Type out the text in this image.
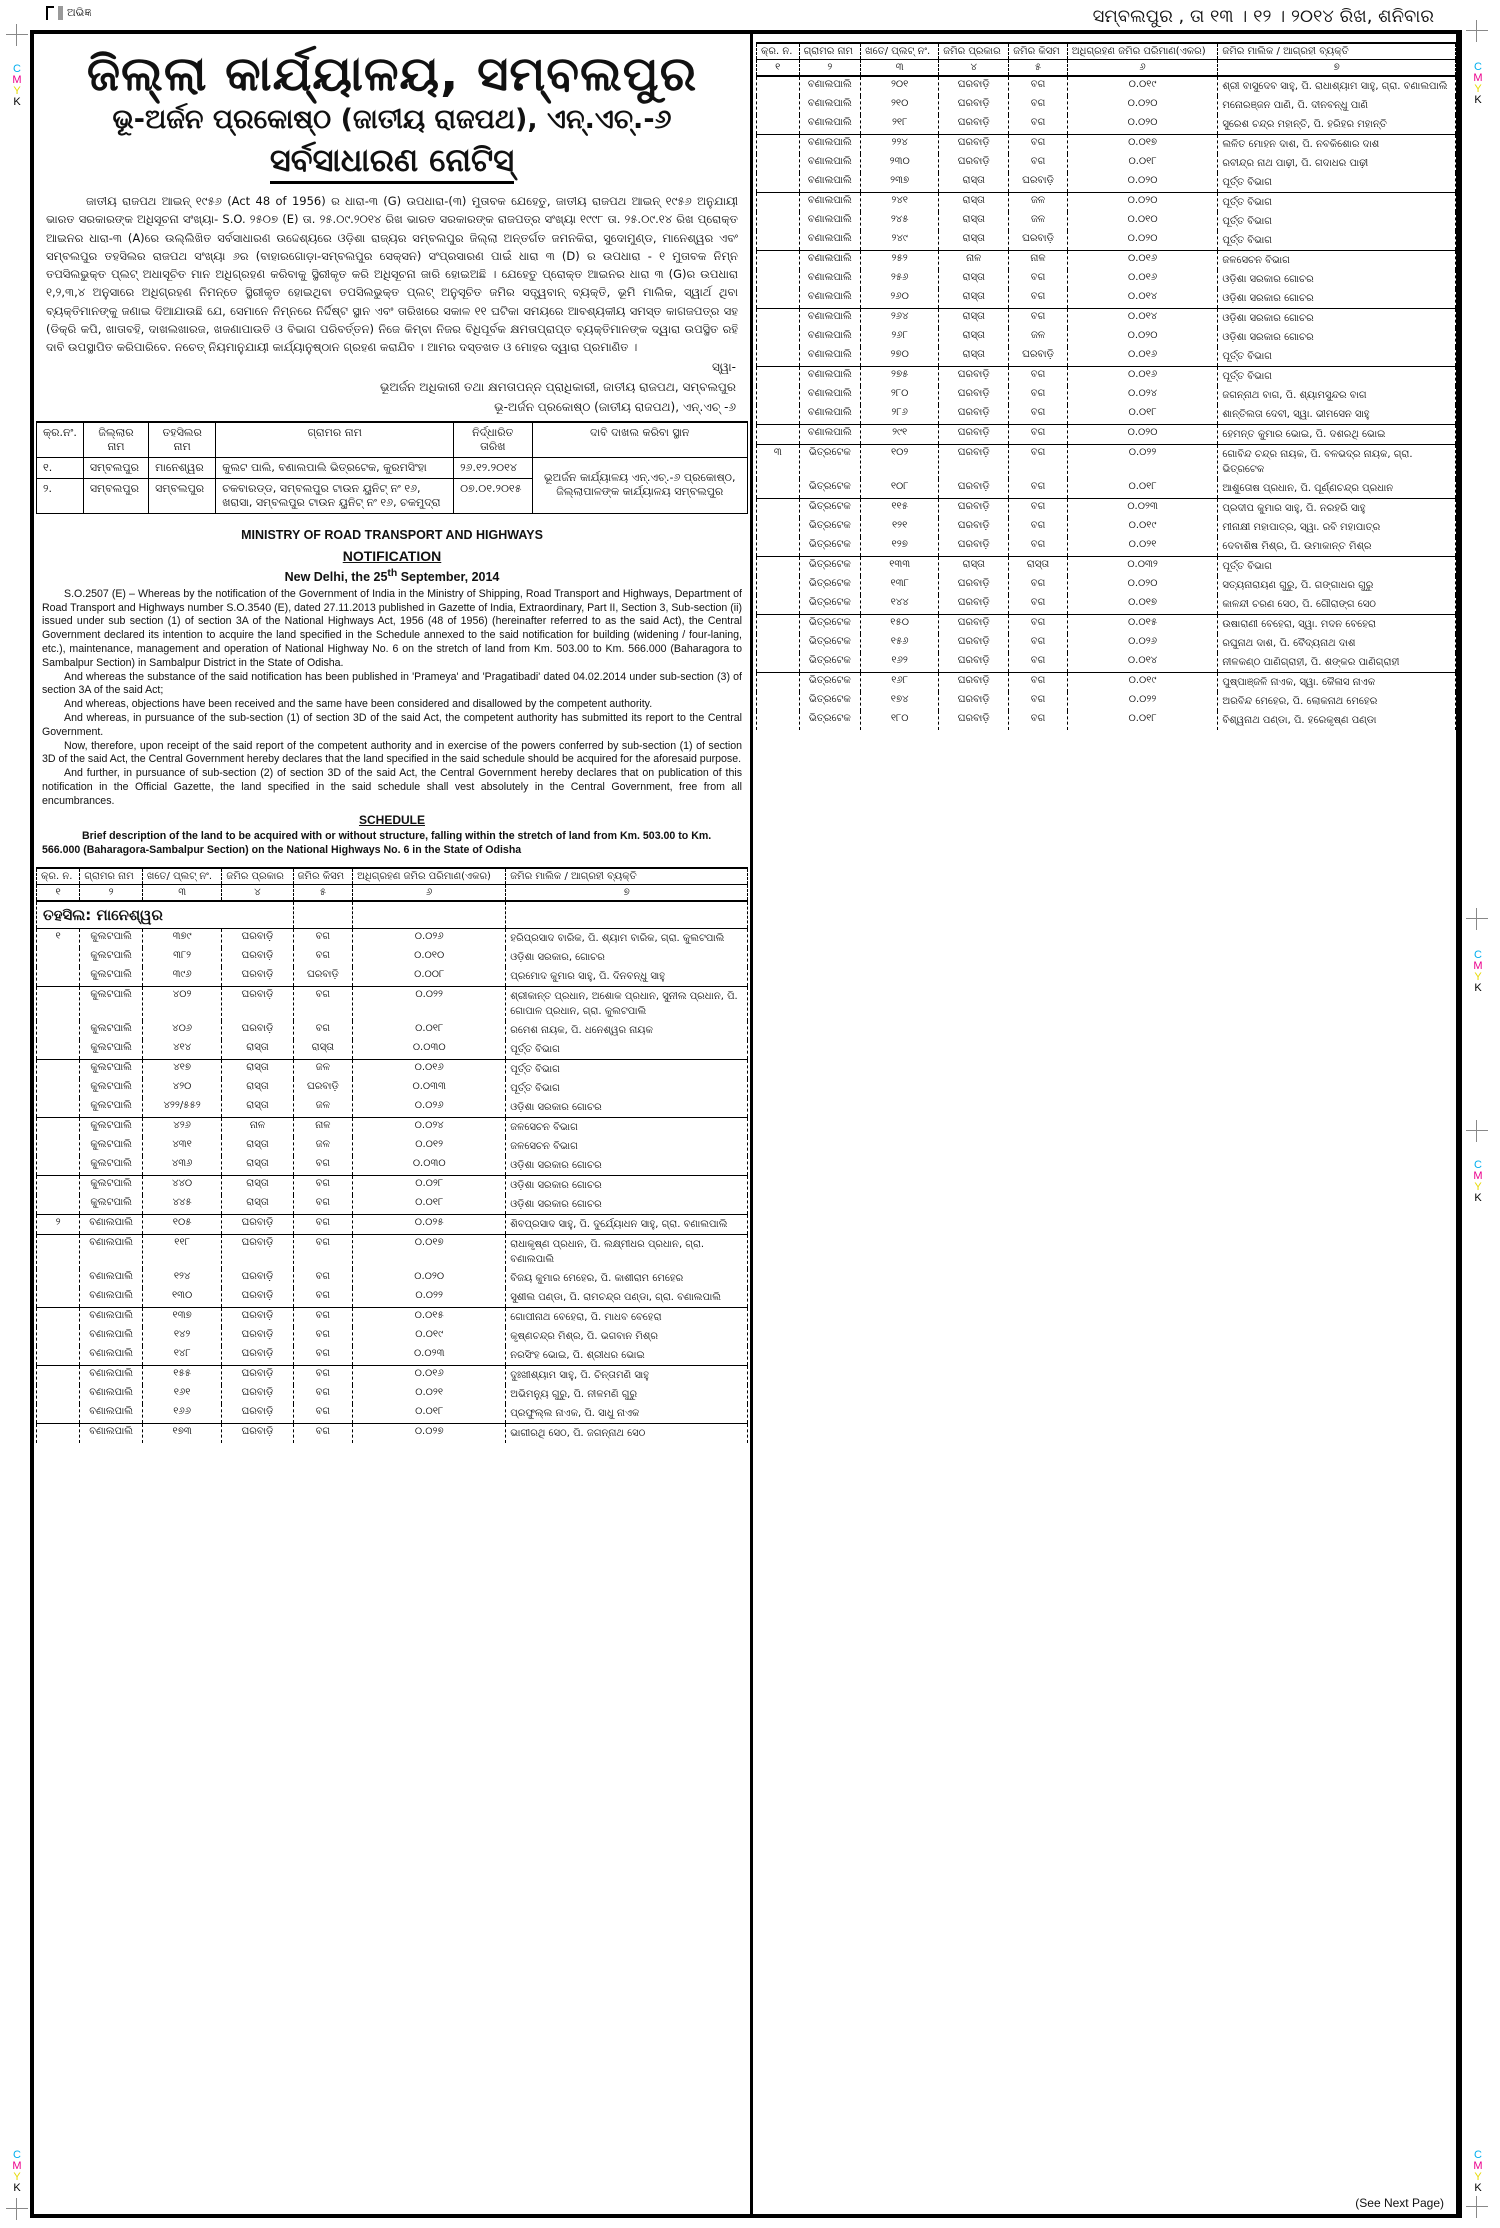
ଅଭିଜ୍ଞ	ସମ୍ବଲପୁର , ତା ୧୩ । ୧୨ । ୨୦୧୪ ରିଖ, ଶନିବାର
C
M
Y
K
C
M
Y
K
C
M
Y
K
C
M
Y
K
C
M
Y
K
C
M
Y
K
ଜିଲ୍ଲା କାର୍ଯ୍ୟାଳୟ, ସମ୍ବଲପୁର
ଭୂ-ଅର୍ଜନ ପ୍ରକୋଷ୍ଠ (ଜାତୀୟ ରାଜପଥ), ଏନ୍.ଏଚ୍.-୬
ସର୍ବସାଧାରଣ ନୋଟିସ୍
ଜାତୀୟ ରାଜପଥ ଆଇନ୍ ୧୯୫୬ (Act 48 of 1956) ର ଧାରା-୩ (G) ଉପଧାରା-(୩) ମୁତାବକ ଯେହେତୁ, ଜାତୀୟ ରାଜପଥ ଆଇନ୍ ୧୯୫୬ ଅନୁଯାୟୀ ଭାରତ ସରକାରଙ୍କ ଅଧିସୂଚନା ସଂଖ୍ୟା- S.O. ୨୫୦୭ (E) ତା. ୨୫.୦୯.୨୦୧୪ ରିଖ ଭାରତ ସରକାରଙ୍କ ରାଜପତ୍ର ସଂଖ୍ୟା ୧୯୯୮ ତା. ୨୫.୦୯.୧୪ ରିଖ ପ୍ରୋକ୍ତ ଆଇନର ଧାରା-୩ (A)ରେ ଉଲ୍ଲିଖିତ ସର୍ବସାଧାରଣ ଉଦ୍ଦେଶ୍ୟରେ ଓଡ଼ିଶା ରାଜ୍ୟର ସମ୍ବଲପୁର ଜିଲ୍ଲା ଅନ୍ତର୍ଗତ ଜମନକିରା, ସୁଦୋମୁଣ୍ଡ, ମାନେଶ୍ୱର ଏବଂ ସମ୍ବଲପୁର ତହସିଲର ରାଜପଥ ସଂଖ୍ୟା ୬ର (ବାହାରଗୋଡ଼ା-ସମ୍ବଲପୁର ସେକ୍ସନ) ସଂପ୍ରସାରଣ ପାଇଁ ଧାରା ୩ (D) ର ଉପଧାରା - ୧ ମୁତାବକ ନିମ୍ନ ତପସିଲଭୁକ୍ତ ପ୍ଲଟ୍ ଅଧାସୂଚିତ ମାନ ଅଧିଗ୍ରହଣ କରିବାକୁ ସ୍ଥିରୀକୃତ କରି ଅଧିସୂଚନା ଜାରି ହୋଇଅଛି । ଯେହେତୁ ପ୍ରୋକ୍ତ ଆଇନର ଧାରା ୩ (G)ର ଉପଧାରା ୧,୨,୩,୪ ଅନୁସାରେ ଅଧିଗ୍ରହଣ ନିମନ୍ତେ ସ୍ଥିରୀକୃତ ହୋଇଥିବା ତପସିଲଭୁକ୍ତ ପ୍ଲଟ୍ ଅନୁସୂଚିତ ଜମିର ସତ୍ତ୍ୱବାନ୍ ବ୍ୟକ୍ତି, ଭୂମି ମାଲିକ, ସ୍ୱାର୍ଥ ଥିବା ବ୍ୟକ୍ତିମାନଙ୍କୁ ଜଣାଇ ଦିଆଯାଉଛି ଯେ, ସେମାନେ ନିମ୍ନରେ ନିର୍ଦ୍ଦିଷ୍ଟ ସ୍ଥାନ ଏବଂ ତାରିଖରେ ସକାଳ ୧୧ ଘଟିକା ସମୟରେ ଆବଶ୍ୟକୀୟ ସମସ୍ତ କାଗଜପତ୍ର ସହ (ଡିକ୍ରି କପି, ଖାତାବହି, ଦାଖଲଖାରଜ, ଖଜଣାପାଉତି ଓ ବିଭାଗ ପରିବର୍ତ୍ତନ) ନିଜେ କିମ୍ବା ନିଜର ବିଧିପୂର୍ବକ କ୍ଷମତାପ୍ରାପ୍ତ ବ୍ୟକ୍ତିମାନଙ୍କ ଦ୍ୱାରା ଉପସ୍ଥିତ ରହି ଦାବି ଉପସ୍ଥାପିତ କରିପାରିବେ. ନଚେତ୍ ନିୟମାନୁଯାୟୀ କାର୍ଯ୍ୟାନୁଷ୍ଠାନ ଗ୍ରହଣ କରାଯିବ । ଆମର ଦସ୍ତଖତ ଓ ମୋହର ଦ୍ୱାରା ପ୍ରମାଣିତ ।
ସ୍ୱା-
ଭୂଅର୍ଜନ ଅଧିକାରୀ ତଥା କ୍ଷମତାପନ୍ନ ପ୍ରାଧିକାରୀ, ଜାତୀୟ ରାଜପଥ, ସମ୍ବଲପୁର
ଭୂ-ଅର୍ଜନ ପ୍ରକୋଷ୍ଠ (ଜାତୀୟ ରାଜପଥ), ଏନ୍.ଏଚ୍ -୬
କ୍ର.ନଂ.	ଜିଲ୍ଲାର ନାମ	ତହସିଲର ନାମ	ଗ୍ରାମର ନାମ	ନିର୍ଦ୍ଧାରିତ ତାରିଖ	ଦାବି ଦାଖଲ କରିବା ସ୍ଥାନ
୧.	ସମ୍ବଲପୁର	ମାନେଶ୍ୱର	କୁଲଟ ପାଲି, ବଣାଲପାଲି ଭିତ୍ରଟେକ, କୁରମସିଂହା	୨୬.୧୨.୨୦୧୪	ଭୂଅର୍ଜନ କାର୍ଯ୍ୟାଳୟ ଏନ୍.ଏଚ୍.-୬ ପ୍ରକୋଷ୍ଠ, ଜିଲ୍ଲାପାଳଙ୍କ କାର୍ଯ୍ୟାଳୟ ସମ୍ବଲପୁର
୨.	ସମ୍ବଲପୁର	ସମ୍ବଲପୁର	ଚକବାରଡ୍ଡ, ସମ୍ବଲପୁର ଟାଉନ ୟୁନିଟ୍ ନଂ ୧୬, ଖରାସା, ସମ୍ବଲପୁର ଟାଉନ ୟୁନିଟ୍ ନଂ ୧୬, ଚକମୁଦ୍ରା	୦୭.୦୧.୨୦୧୫	
MINISTRY OF ROAD TRANSPORT AND HIGHWAYS
NOTIFICATION
New Delhi, the 25th September, 2014

S.O.2507 (E) – Whereas by the notification of the Government of India in the Ministry of Shipping, Road Transport and Highways, Department of Road Transport and Highways number S.O.3540 (E), dated 27.11.2013 published in Gazette of India, Extraordinary, Part II, Section 3, Sub-section (ii) issued under sub section (1) of section 3A of the National Highways Act, 1956 (48 of 1956) (hereinafter referred to as the said Act), the Central Government declared its intention to acquire the land specified in the Schedule annexed to the said notification for building (widening / four-laning, etc.), maintenance, management and operation of National Highway No. 6 on the stretch of land from Km. 503.00 to Km. 566.000 (Baharagora to Sambalpur Section) in Sambalpur District in the State of Odisha.

And whereas the substance of the said notification has been published in 'Prameya' and 'Pragatibadi' dated 04.02.2014 under sub-section (3) of section 3A of the said Act;

And whereas, objections have been received and the same have been considered and disallowed by the competent authority.

And whereas, in pursuance of the sub-section (1) of section 3D of the said Act, the competent authority has submitted its report to the Central Government.

Now, therefore, upon receipt of the said report of the competent authority and in exercise of the powers conferred by sub-section (1) of section 3D of the said Act, the Central Government hereby declares that the land specified in the said schedule should be acquired for the aforesaid purpose.

And further, in pursuance of sub-section (2) of section 3D of the said Act, the Central Government hereby declares that on publication of this notification in the Official Gazette, the land specified in the said schedule shall vest absolutely in the Central Government, free from all encumbrances.

SCHEDULE
Brief description of the land to be acquired with or without structure, falling within the stretch of land from Km. 503.00 to Km. 566.000 (Baharagora-Sambalpur Section) on the National Highways No. 6 in the State of Odisha
କ୍ର. ନ.	ଗ୍ରାମର ନାମ	ଖତେ/ ପ୍ଲଟ୍ ନଂ.	ଜମିର ପ୍ରକାର	ଜମିର କିସମ	ଅଧିଗ୍ରହଣ ଜମିର ପରିମାଣ(ଏକର)	ଜମିର ମାଲିକ / ଆଗ୍ରହୀ ବ୍ୟକ୍ତି
୧	୨	୩	୪	୫	୬	୭
ତହସିଲ: ମାନେଶ୍ୱର						
୧	କୁଲଟପାଲି	୩୭୯	ଘରବାଡ଼ି	ବଗ	୦.୦୨୬	ହରିପ୍ରସାଦ ବାରିକ, ପି. ଶ୍ୟାମ ବାରିକ, ଗ୍ରା. କୁଲଟପାଲି
	କୁଲଟପାଲି	୩୮୨	ଘରବାଡ଼ି	ବଗ	୦.୦୧୦	ଓଡ଼ିଶା ସରକାର, ଗୋଚର
	କୁଲଟପାଲି	୩୯୬	ଘରବାଡ଼ି	ଘରବାଡ଼ି	୦.୦୦୮	ପ୍ରମୋଦ କୁମାର ସାହୁ, ପି. ଦିନବନ୍ଧୁ ସାହୁ
	କୁଲଟପାଲି	୪୦୨	ଘରବାଡ଼ି	ବଗ	୦.୦୨୨	ଶ୍ରୀକାନ୍ତ ପ୍ରଧାନ, ଅଶୋକ ପ୍ରଧାନ, ସୁନୀଲ ପ୍ରଧାନ, ପି. ଗୋପାଳ ପ୍ରଧାନ, ଗ୍ରା. କୁଲଟପାଲି
	କୁଲଟପାଲି	୪୦୬	ଘରବାଡ଼ି	ବଗ	୦.୦୧୮	ରମେଶ ନାୟକ, ପି. ଧନେଶ୍ୱର ନାୟକ
	କୁଲଟପାଲି	୪୧୪	ରାସ୍ତା	ରାସ୍ତା	୦.୦୩୦	ପୂର୍ତ୍ତ ବିଭାଗ
	କୁଲଟପାଲି	୪୧୭	ରାସ୍ତା	ଜଳ	୦.୦୧୬	ପୂର୍ତ୍ତ ବିଭାଗ
	କୁଲଟପାଲି	୪୨୦	ରାସ୍ତା	ଘରବାଡ଼ି	୦.୦୩୩	ପୂର୍ତ୍ତ ବିଭାଗ
	କୁଲଟପାଲି	୪୨୨/୫୫୨	ରାସ୍ତା	ଜଳ	୦.୦୨୬	ଓଡ଼ିଶା ସରକାର ଗୋଚର
	କୁଲଟପାଲି	୪୨୬	ନାଳ	ନାଳ	୦.୦୨୪	ଜଳସେଚନ ବିଭାଗ
	କୁଲଟପାଲି	୪୩୧	ରାସ୍ତା	ଜଳ	୦.୦୧୨	ଜଳସେଚନ ବିଭାଗ
	କୁଲଟପାଲି	୪୩୬	ରାସ୍ତା	ବଗ	୦.୦୩୦	ଓଡ଼ିଶା ସରକାର ଗୋଚର
	କୁଲଟପାଲି	୪୪୦	ରାସ୍ତା	ବଗ	୦.୦୨୮	ଓଡ଼ିଶା ସରକାର ଗୋଚର
	କୁଲଟପାଲି	୪୪୫	ରାସ୍ତା	ବଗ	୦.୦୧୮	ଓଡ଼ିଶା ସରକାର ଗୋଚର
୨	ବଣାଲପାଲି	୧୦୫	ଘରବାଡ଼ି	ବଗ	୦.୦୨୫	ଶିବପ୍ରସାଦ ସାହୁ, ପି. ଦୁର୍ଯ୍ୟୋଧନ ସାହୁ, ଗ୍ରା. ବଣାଲପାଲି
	ବଣାଲପାଲି	୧୧୮	ଘରବାଡ଼ି	ବଗ	୦.୦୧୭	ରାଧାକୃଷ୍ଣ ପ୍ରଧାନ, ପି. ଲକ୍ଷ୍ମୀଧର ପ୍ରଧାନ, ଗ୍ରା. ବଣାଲପାଲି
	ବଣାଲପାଲି	୧୨୪	ଘରବାଡ଼ି	ବଗ	୦.୦୨୦	ବିଜୟ କୁମାର ମେହେର, ପି. କାଶୀରାମ ମେହେର
	ବଣାଲପାଲି	୧୩୦	ଘରବାଡ଼ି	ବଗ	୦.୦୨୨	ସୁଶୀଲ ପଣ୍ଡା, ପି. ରାମଚନ୍ଦ୍ର ପଣ୍ଡା, ଗ୍ରା. ବଣାଲପାଲି
	ବଣାଲପାଲି	୧୩୭	ଘରବାଡ଼ି	ବଗ	୦.୦୧୫	ଗୋପୀନାଥ ବେହେରା, ପି. ମାଧବ ବେହେରା
	ବଣାଲପାଲି	୧୪୨	ଘରବାଡ଼ି	ବଗ	୦.୦୧୯	କୃଷ୍ଣଚନ୍ଦ୍ର ମିଶ୍ର, ପି. ଭଗବାନ ମିଶ୍ର
	ବଣାଲପାଲି	୧୪୮	ଘରବାଡ଼ି	ବଗ	୦.୦୨୩	ନରସିଂହ ଭୋଇ, ପି. ଶ୍ରୀଧର ଭୋଇ
	ବଣାଲପାଲି	୧୫୫	ଘରବାଡ଼ି	ବଗ	୦.୦୧୬	ଦୁଃଖୀଶ୍ୟାମ ସାହୁ, ପି. ଚିନ୍ତାମଣି ସାହୁ
	ବଣାଲପାଲି	୧୬୧	ଘରବାଡ଼ି	ବଗ	୦.୦୨୧	ଅଭିମନ୍ୟୁ ଗୁରୁ, ପି. ନୀଳମଣି ଗୁରୁ
	ବଣାଲପାଲି	୧୬୬	ଘରବାଡ଼ି	ବଗ	୦.୦୧୮	ପ୍ରଫୁଲ୍ଲ ନାଏକ, ପି. ସାଧୁ ନାଏକ
	ବଣାଲପାଲି	୧୭୩	ଘରବାଡ଼ି	ବଗ	୦.୦୨୭	ଭାଗୀରଥି ସେଠ, ପି. ଜଗନ୍ନାଥ ସେଠ
କ୍ର. ନ.	ଗ୍ରାମର ନାମ	ଖତେ/ ପ୍ଲଟ୍ ନଂ.	ଜମିର ପ୍ରକାର	ଜମିର କିସମ	ଅଧିଗ୍ରହଣ ଜମିର ପରିମାଣ(ଏକର)	ଜମିର ମାଲିକ / ଆଗ୍ରହୀ ବ୍ୟକ୍ତି
୧	୨	୩	୪	୫	୬	୭
	ବଣାଲପାଲି	୨୦୧	ଘରବାଡ଼ି	ବଗ	୦.୦୧୯	ଶ୍ରୀ ବାସୁଦେବ ସାହୁ, ପି. ରାଧାଶ୍ୟାମ ସାହୁ, ଗ୍ରା. ବଣାଲପାଲି
	ବଣାଲପାଲି	୨୧୦	ଘରବାଡ଼ି	ବଗ	୦.୦୨୦	ମନୋରଞ୍ଜନ ପାଣି, ପି. ଦୀନବନ୍ଧୁ ପାଣି
	ବଣାଲପାଲି	୨୧୮	ଘରବାଡ଼ି	ବଗ	୦.୦୨୦	ସୁରେଶ ଚନ୍ଦ୍ର ମହାନ୍ତି, ପି. ହରିହର ମହାନ୍ତି
	ବଣାଲପାଲି	୨୨୪	ଘରବାଡ଼ି	ବଗ	୦.୦୧୭	ଲଳିତ ମୋହନ ଦାଶ, ପି. ନବକିଶୋର ଦାଶ
	ବଣାଲପାଲି	୨୩୦	ଘରବାଡ଼ି	ବଗ	୦.୦୧୮	ରବୀନ୍ଦ୍ର ନାଥ ପାଢ଼ୀ, ପି. ଗଦାଧର ପାଢ଼ୀ
	ବଣାଲପାଲି	୨୩୭	ରାସ୍ତା	ଘରବାଡ଼ି	୦.୦୨୦	ପୂର୍ତ୍ତ ବିଭାଗ
	ବଣାଲପାଲି	୨୪୧	ରାସ୍ତା	ଜଳ	୦.୦୨୦	ପୂର୍ତ୍ତ ବିଭାଗ
	ବଣାଲପାଲି	୨୪୫	ରାସ୍ତା	ଜଳ	୦.୦୧୦	ପୂର୍ତ୍ତ ବିଭାଗ
	ବଣାଲପାଲି	୨୪୯	ରାସ୍ତା	ଘରବାଡ଼ି	୦.୦୨୦	ପୂର୍ତ୍ତ ବିଭାଗ
	ବଣାଲପାଲି	୨୫୨	ନାଳ	ନାଳ	୦.୦୧୬	ଜଳସେଚନ ବିଭାଗ
	ବଣାଲପାଲି	୨୫୬	ରାସ୍ତା	ବଗ	୦.୦୧୬	ଓଡ଼ିଶା ସରକାର ଗୋଚର
	ବଣାଲପାଲି	୨୬୦	ରାସ୍ତା	ବଗ	୦.୦୧୪	ଓଡ଼ିଶା ସରକାର ଗୋଚର
	ବଣାଲପାଲି	୨୬୪	ରାସ୍ତା	ବଗ	୦.୦୧୪	ଓଡ଼ିଶା ସରକାର ଗୋଚର
	ବଣାଲପାଲି	୨୬୮	ରାସ୍ତା	ଜଳ	୦.୦୨୦	ଓଡ଼ିଶା ସରକାର ଗୋଚର
	ବଣାଲପାଲି	୨୭୦	ରାସ୍ତା	ଘରବାଡ଼ି	୦.୦୧୬	ପୂର୍ତ୍ତ ବିଭାଗ
	ବଣାଲପାଲି	୨୭୫	ଘରବାଡ଼ି	ବଗ	୦.୦୧୬	ପୂର୍ତ୍ତ ବିଭାଗ
	ବଣାଲପାଲି	୨୮୦	ଘରବାଡ଼ି	ବଗ	୦.୦୨୪	ଜଗନ୍ନାଥ ବାଗ, ପି. ଶ୍ୟାମସୁନ୍ଦର ବାଗ
	ବଣାଲପାଲି	୨୮୬	ଘରବାଡ଼ି	ବଗ	୦.୦୧୮	ଶାନ୍ତିଲତା ଦେବୀ, ସ୍ୱା. ଭୀମସେନ ସାହୁ
	ବଣାଲପାଲି	୨୯୧	ଘରବାଡ଼ି	ବଗ	୦.୦୨୦	ହେମନ୍ତ କୁମାର ଭୋଇ, ପି. ଦଶରଥି ଭୋଇ
୩	ଭିତ୍ରଟେକ	୧୦୨	ଘରବାଡ଼ି	ବଗ	୦.୦୨୨	ଗୋବିନ୍ଦ ଚନ୍ଦ୍ର ନାୟକ, ପି. ବଳଭଦ୍ର ନାୟକ, ଗ୍ରା. ଭିତ୍ରଟେକ
	ଭିତ୍ରଟେକ	୧୦୮	ଘରବାଡ଼ି	ବଗ	୦.୦୧୮	ଆଶୁତୋଷ ପ୍ରଧାନ, ପି. ପୂର୍ଣ୍ଣଚନ୍ଦ୍ର ପ୍ରଧାନ
	ଭିତ୍ରଟେକ	୧୧୫	ଘରବାଡ଼ି	ବଗ	୦.୦୨୩	ପ୍ରଦୀପ କୁମାର ସାହୁ, ପି. ନରହରି ସାହୁ
	ଭିତ୍ରଟେକ	୧୨୧	ଘରବାଡ଼ି	ବଗ	୦.୦୧୯	ମୀନାକ୍ଷୀ ମହାପାତ୍ର, ସ୍ୱା. ରବି ମହାପାତ୍ର
	ଭିତ୍ରଟେକ	୧୨୭	ଘରବାଡ଼ି	ବଗ	୦.୦୨୧	ଦେବାଶିଷ ମିଶ୍ର, ପି. ଉମାକାନ୍ତ ମିଶ୍ର
	ଭିତ୍ରଟେକ	୧୩୩	ରାସ୍ତା	ରାସ୍ତା	୦.୦୩୨	ପୂର୍ତ୍ତ ବିଭାଗ
	ଭିତ୍ରଟେକ	୧୩୮	ଘରବାଡ଼ି	ବଗ	୦.୦୨୦	ସତ୍ୟନାରାୟଣ ଗୁରୁ, ପି. ଗଙ୍ଗାଧର ଗୁରୁ
	ଭିତ୍ରଟେକ	୧୪୪	ଘରବାଡ଼ି	ବଗ	୦.୦୧୭	କାଳନ୍ଦୀ ଚରଣ ସେଠ, ପି. ଗୌରାଙ୍ଗ ସେଠ
	ଭିତ୍ରଟେକ	୧୫୦	ଘରବାଡ଼ି	ବଗ	୦.୦୧୫	ଉଷାରାଣୀ ବେହେରା, ସ୍ୱା. ମଦନ ବେହେରା
	ଭିତ୍ରଟେକ	୧୫୬	ଘରବାଡ଼ି	ବଗ	୦.୦୨୬	ରଘୁନାଥ ଦାଶ, ପି. ବୈଦ୍ୟନାଥ ଦାଶ
	ଭିତ୍ରଟେକ	୧୬୨	ଘରବାଡ଼ି	ବଗ	୦.୦୧୪	ନୀଳକଣ୍ଠ ପାଣିଗ୍ରାହୀ, ପି. ଶଙ୍କର ପାଣିଗ୍ରାହୀ
	ଭିତ୍ରଟେକ	୧୬୮	ଘରବାଡ଼ି	ବଗ	୦.୦୧୯	ପୁଷ୍ପାଞ୍ଜଳି ନାଏକ, ସ୍ୱା. କୈଳାସ ନାଏକ
	ଭିତ୍ରଟେକ	୧୭୪	ଘରବାଡ଼ି	ବଗ	୦.୦୨୨	ଅରବିନ୍ଦ ମେହେର, ପି. ଲୋକନାଥ ମେହେର
	ଭିତ୍ରଟେକ	୧୮୦	ଘରବାଡ଼ି	ବଗ	୦.୦୧୮	ବିଶ୍ୱନାଥ ପଣ୍ଡା, ପି. ହରେକୃଷ୍ଣ ପଣ୍ଡା
(See Next Page)
